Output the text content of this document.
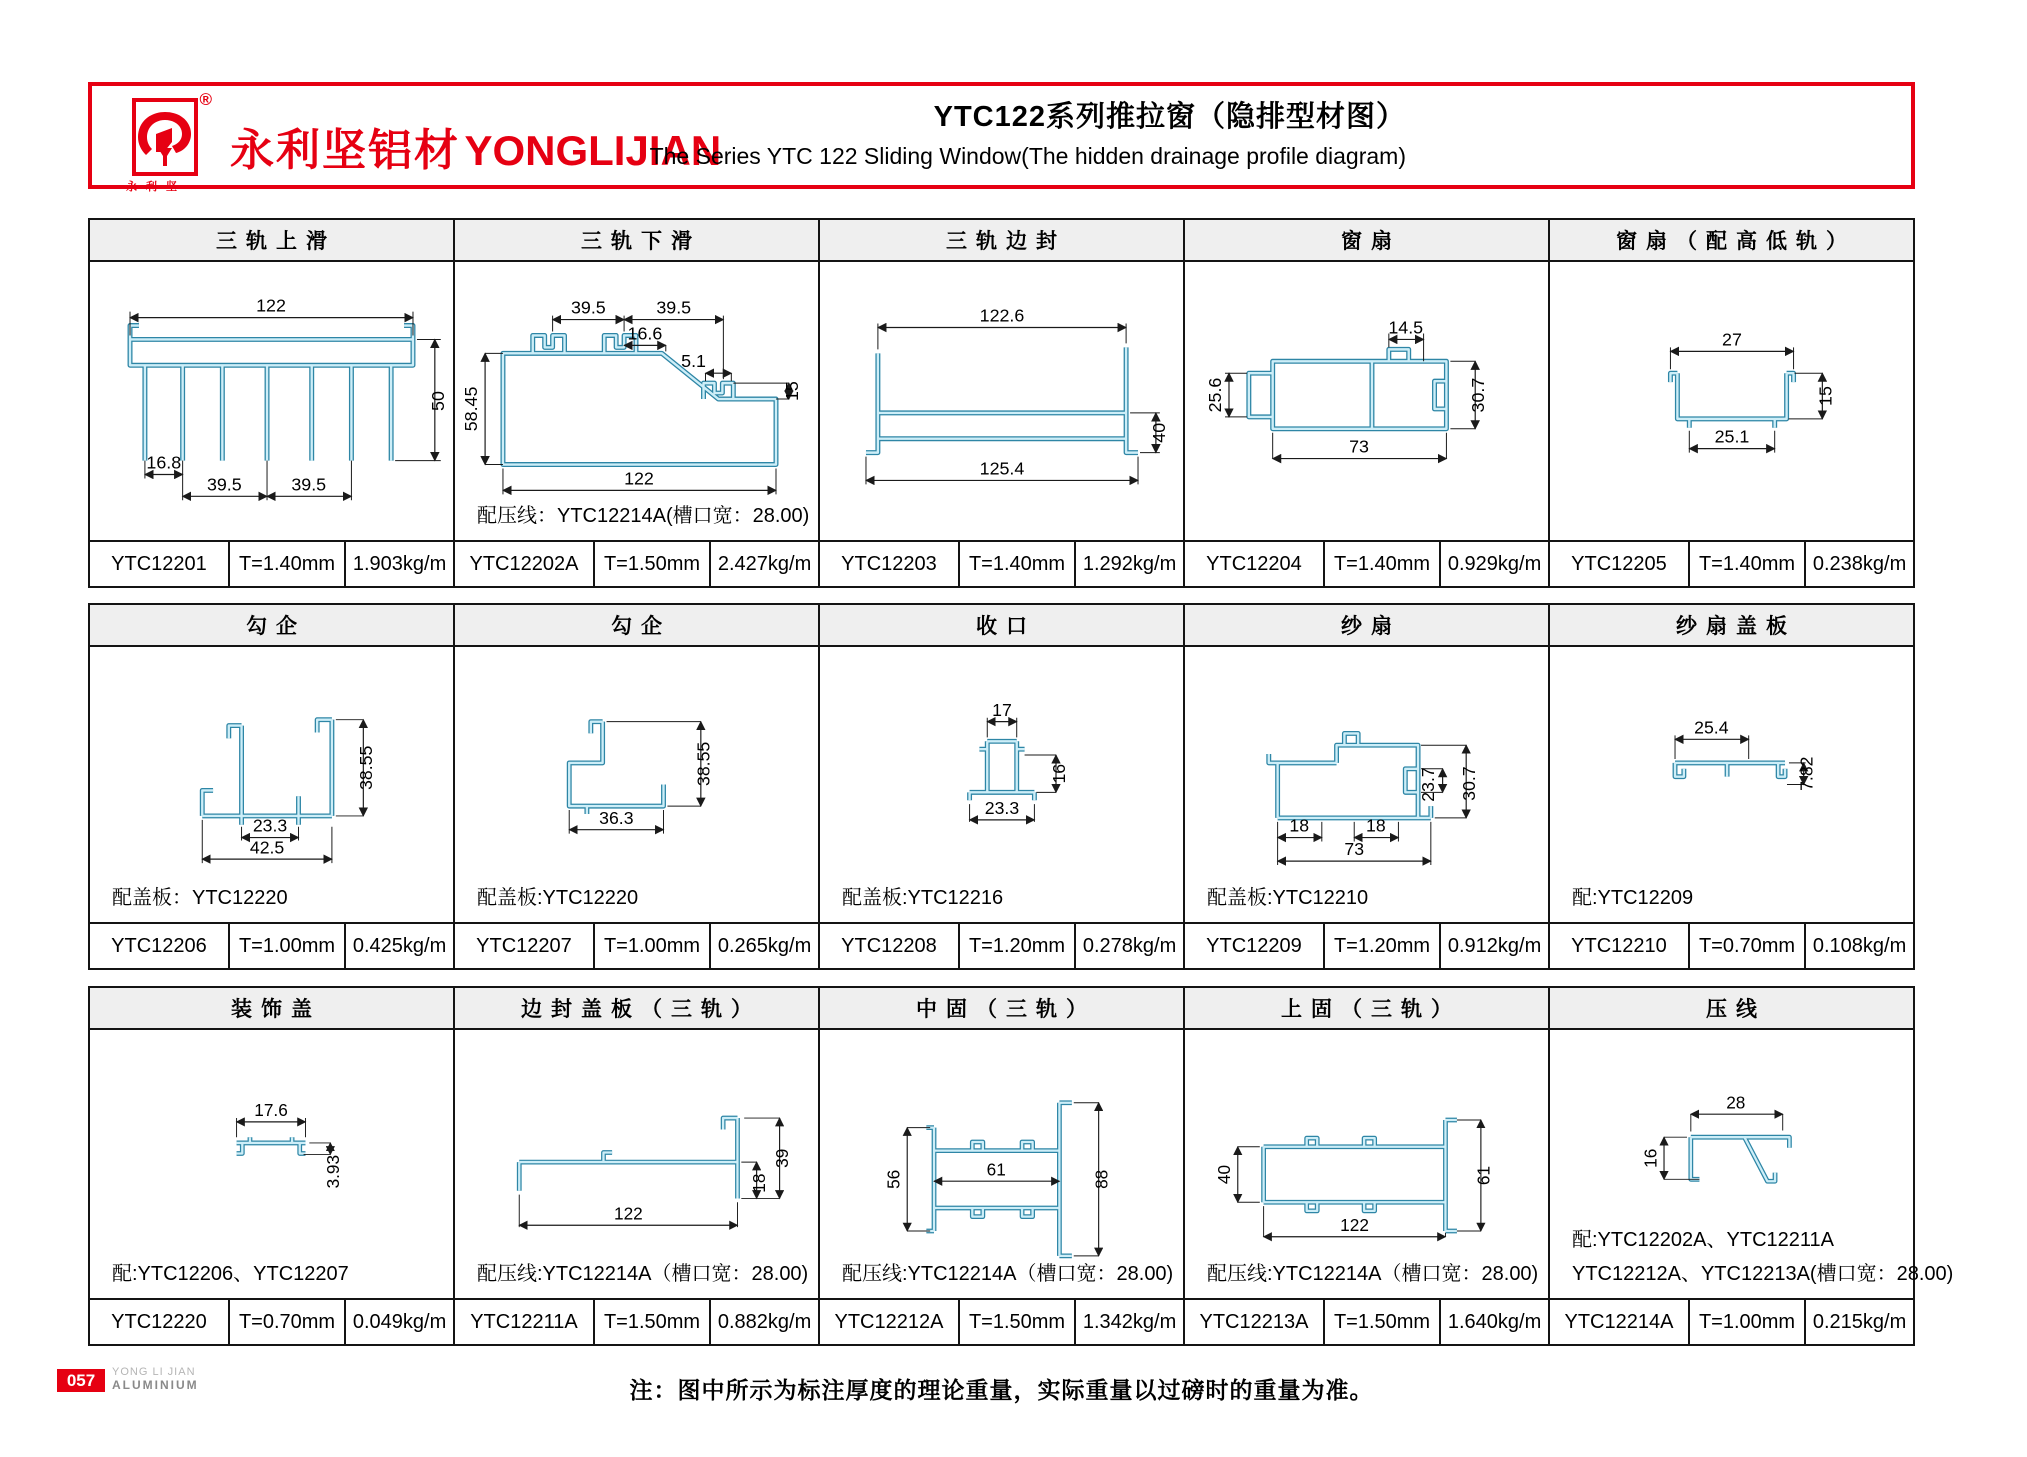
®
永利坚
永利坚铝材 YONGLIJIAN
YTC122系列推拉窗（隐排型材图）
The Series YTC 122 Sliding Window(The hidden drainage profile diagram)
三轨上滑
122
50
16.8
39.5	39.5
YTC12201	T=1.40mm 1.903kg/m
三轨下滑
39.5	39.5
16.6
5.1
15
58.45
122
配压线：YTC12214A(槽口宽：28.00)
YTC12202A	T=1.50mm 2.427kg/m
三轨边封
122.6
40
125.4
YTC12203	T=1.40mm 1.292kg/m
窗扇
25.6
14.5
30.7
73
YTC12204	T=1.40mm 0.929kg/m
窗扇（配高低轨）
27
15
25.1
YTC12205	T=1.40mm 0.238kg/m
勾企
38.55
23.3
42.5
配盖板：YTC12220
YTC12206	T=1.00mm 0.425kg/m
勾企
38.55
36.3
配盖板:YTC12220
YTC12207	T=1.00mm 0.265kg/m
收口
17
16
23.3
配盖板:YTC12216
YTC12208	T=1.20mm 0.278kg/m
纱扇
23.7 30.7
18	18
73
配盖板:YTC12210
YTC12209	T=1.20mm 0.912kg/m
纱扇盖板
25.4
7.82
配:YTC12209
YTC12210	T=0.70mm 0.108kg/m
装饰盖
17.6
3.93
配:YTC12206、YTC12207
YTC12220	T=0.70mm 0.049kg/m
边封盖板（三轨）
39
18
122
配压线:YTC12214A（槽口宽：28.00)
YTC12211A	T=1.50mm 0.882kg/m
中固（三轨）
56	61	88
配压线:YTC12214A（槽口宽：28.00)
YTC12212A	T=1.50mm 1.342kg/m
上固（三轨）
40
122
61
配压线:YTC12214A（槽口宽：28.00)
YTC12213A	T=1.50mm 1.640kg/m
压线
28
16
配:YTC12202A、YTC12211A
YTC12212A、YTC12213A(槽口宽：28.00)
YTC12214A	T=1.00mm 0.215kg/m
057	YONG LI JIAN
ALUMINIUM	注：图中所示为标注厚度的理论重量，实际重量以过磅时的重量为准。
